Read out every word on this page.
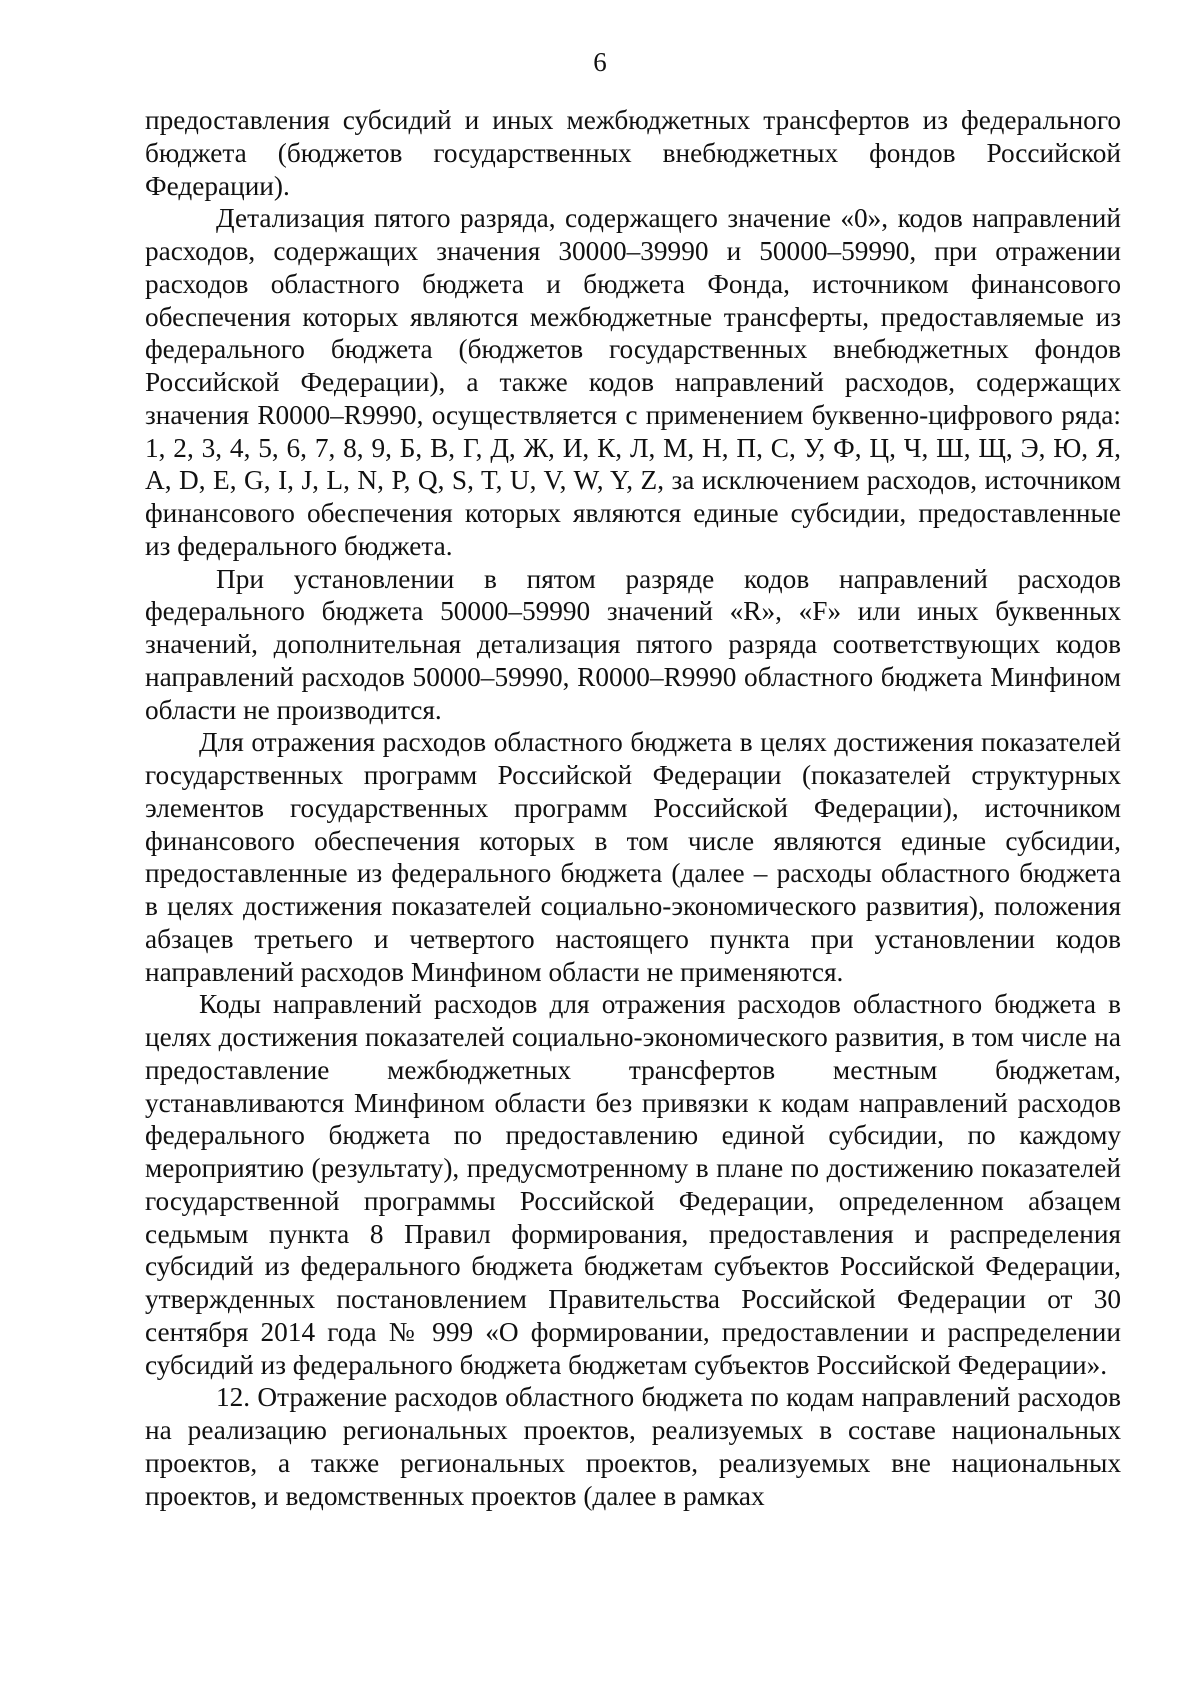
6

предоставления субсидий и иных межбюджетных трансфертов из федерального бюджета (бюджетов государственных внебюджетных фондов Российской Федерации).

Детализация пятого разряда, содержащего значение «0», кодов направлений расходов, содержащих значения 30000–39990 и 50000–59990, при отражении расходов областного бюджета и бюджета Фонда, источником финансового обеспечения которых являются межбюджетные трансферты, предоставляемые из федерального бюджета (бюджетов государственных внебюджетных фондов Российской Федерации), а также кодов направлений расходов, содержащих значения R0000–R9990, осуществляется с применением буквенно-цифрового ряда: 1, 2, 3, 4, 5, 6, 7, 8, 9, Б, В, Г, Д, Ж, И, К, Л, М, Н, П, С, У, Ф, Ц, Ч, Ш, Щ, Э, Ю, Я, A, D, E, G, I, J, L, N, P, Q, S, T, U, V, W, Y, Z, за исключением расходов, источником финансового обеспечения которых являются единые субсидии, предоставленные из федерального бюджета.

При установлении в пятом разряде кодов направлений расходов федерального бюджета 50000–59990 значений «R», «F» или иных буквенных значений, дополнительная детализация пятого разряда соответствующих кодов направлений расходов 50000–59990, R0000–R9990 областного бюджета Минфином области не производится.

Для отражения расходов областного бюджета в целях достижения показателей государственных программ Российской Федерации (показателей структурных элементов государственных программ Российской Федерации), источником финансового обеспечения которых в том числе являются единые субсидии, предоставленные из федерального бюджета (далее – расходы областного бюджета в целях достижения показателей социально-экономического развития), положения абзацев третьего и четвертого настоящего пункта при установлении кодов направлений расходов Минфином области не применяются.

Коды направлений расходов для отражения расходов областного бюджета в целях достижения показателей социально-экономического развития, в том числе на предоставление межбюджетных трансфертов местным бюджетам, устанавливаются Минфином области без привязки к кодам направлений расходов федерального бюджета по предоставлению единой субсидии, по каждому мероприятию (результату), предусмотренному в плане по достижению показателей государственной программы Российской Федерации, определенном абзацем седьмым пункта 8 Правил формирования, предоставления и распределения субсидий из федерального бюджета бюджетам субъектов Российской Федерации, утвержденных постановлением Правительства Российской Федерации от 30 сентября 2014 года № 999 «О формировании, предоставлении и распределении субсидий из федерального бюджета бюджетам субъектов Российской Федерации».

12. Отражение расходов областного бюджета по кодам направлений расходов на реализацию региональных проектов, реализуемых в составе национальных проектов, а также региональных проектов, реализуемых вне национальных проектов, и ведомственных проектов (далее в рамках
